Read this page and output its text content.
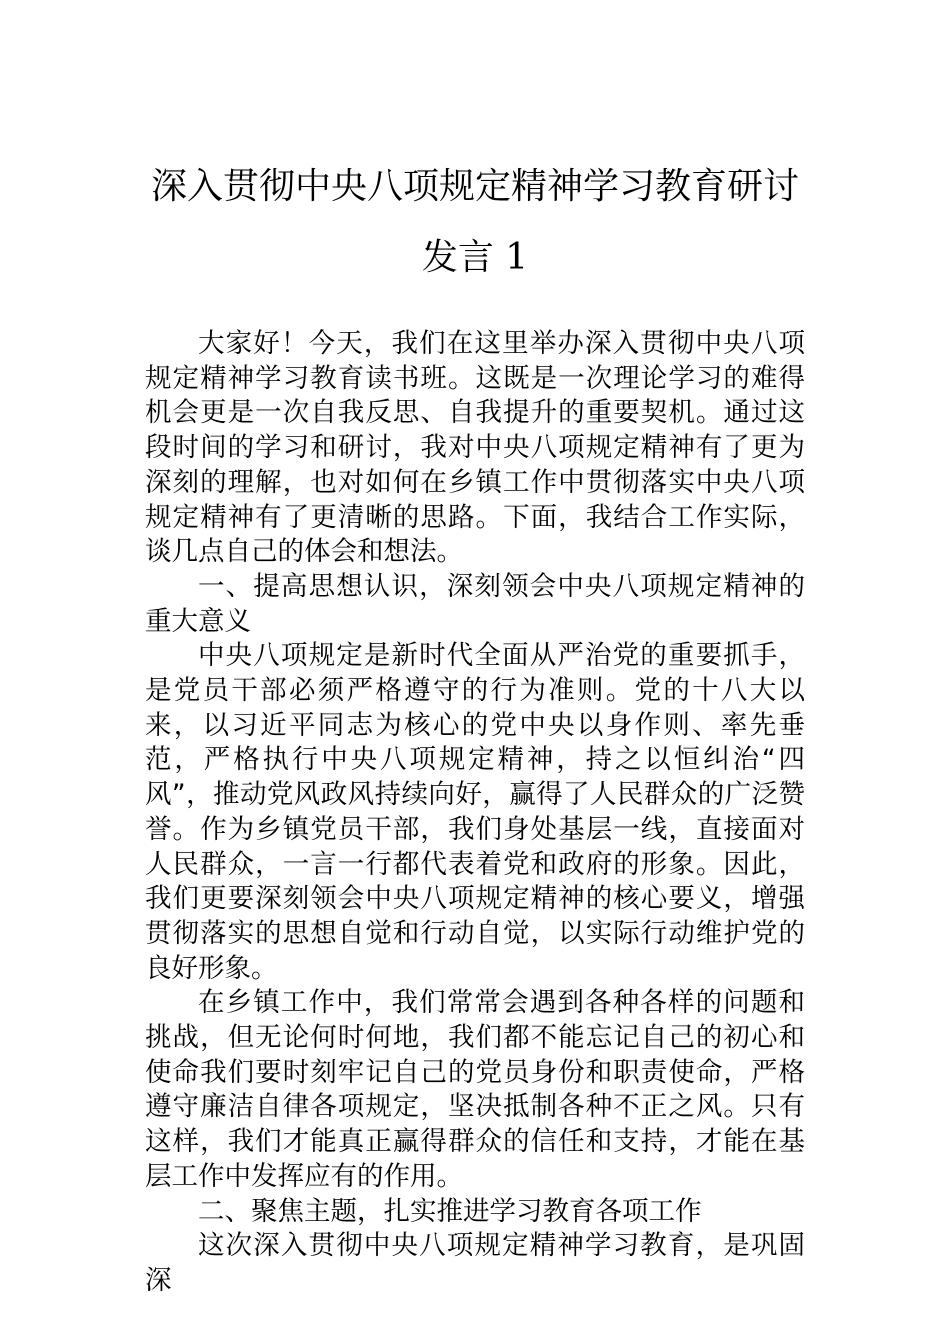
深入贯彻中央八项规定精神学习教育研讨
发言 1

大家好！今天，我们在这里举办深入贯彻中央八项规定精神学习教育读书班。这既是一次理论学习的难得机会更是一次自我反思、自我提升的重要契机。通过这段时间的学习和研讨，我对中央八项规定精神有了更为深刻的理解，也对如何在乡镇工作中贯彻落实中央八项规定精神有了更清晰的思路。下面，我结合工作实际，谈几点自己的体会和想法。

一、提高思想认识，深刻领会中央八项规定精神的重大意义

中央八项规定是新时代全面从严治党的重要抓手，是党员干部必须严格遵守的行为准则。党的十八大以来，以习近平同志为核心的党中央以身作则、率先垂范，严格执行中央八项规定精神，持之以恒纠治“四风”，推动党风政风持续向好，赢得了人民群众的广泛赞誉。作为乡镇党员干部，我们身处基层一线，直接面对人民群众，一言一行都代表着党和政府的形象。因此，我们更要深刻领会中央八项规定精神的核心要义，增强贯彻落实的思想自觉和行动自觉，以实际行动维护党的良好形象。

在乡镇工作中，我们常常会遇到各种各样的问题和挑战，但无论何时何地，我们都不能忘记自己的初心和使命我们要时刻牢记自己的党员身份和职责使命，严格遵守廉洁自律各项规定，坚决抵制各种不正之风。只有这样，我们才能真正赢得群众的信任和支持，才能在基层工作中发挥应有的作用。

二、聚焦主题，扎实推进学习教育各项工作

这次深入贯彻中央八项规定精神学习教育，是巩固深
